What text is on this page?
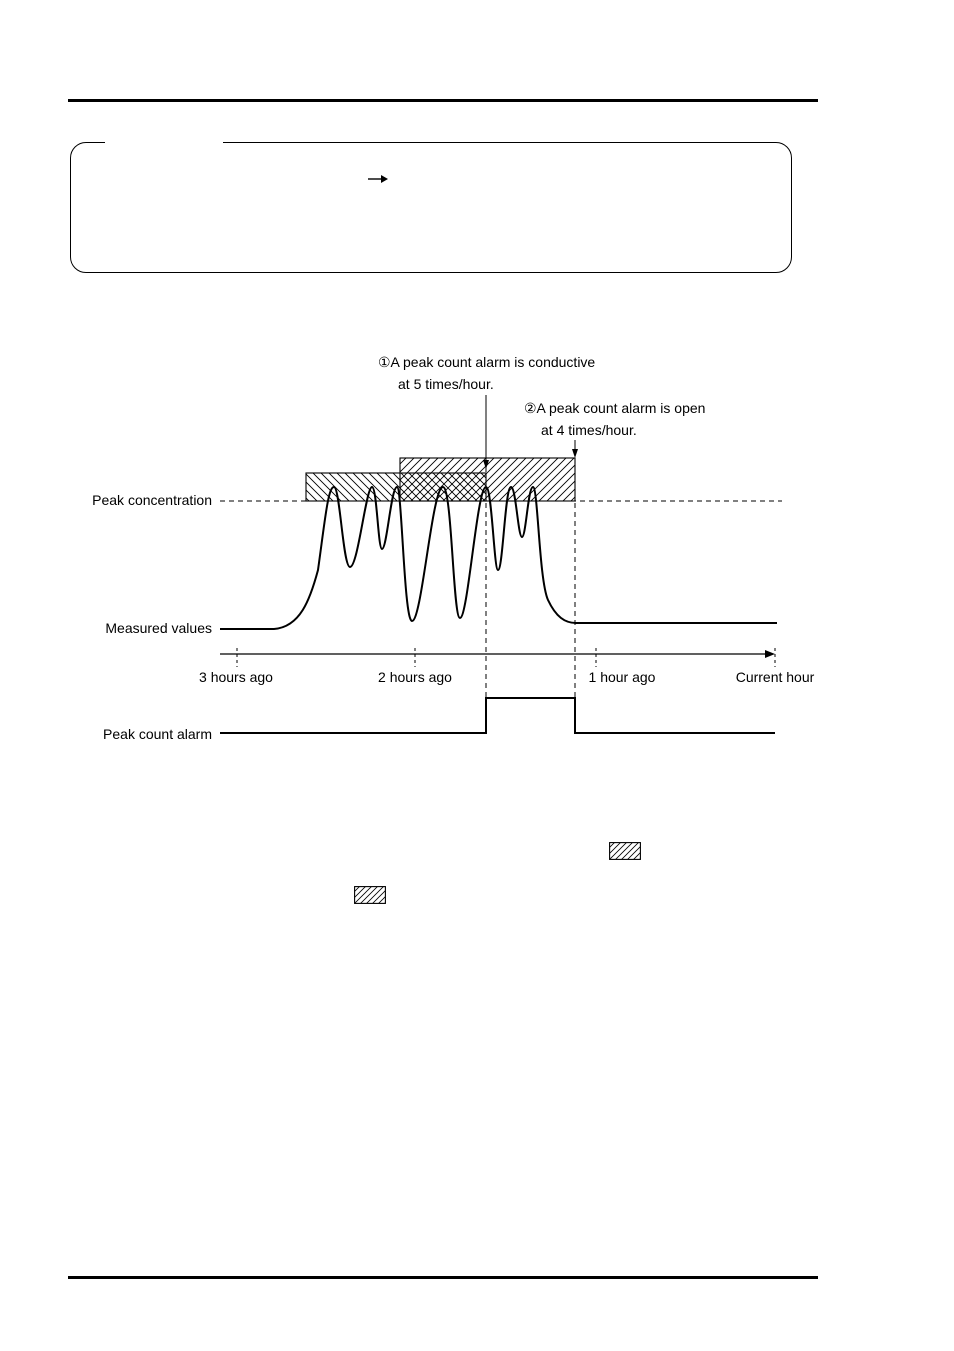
①A peak count alarm is conductive
at 5 times/hour.
②A peak count alarm is open
at 4 times/hour.
Peak concentration
Measured values
Peak count alarm
3 hours ago	2 hours ago	1 hour ago	Current hour
